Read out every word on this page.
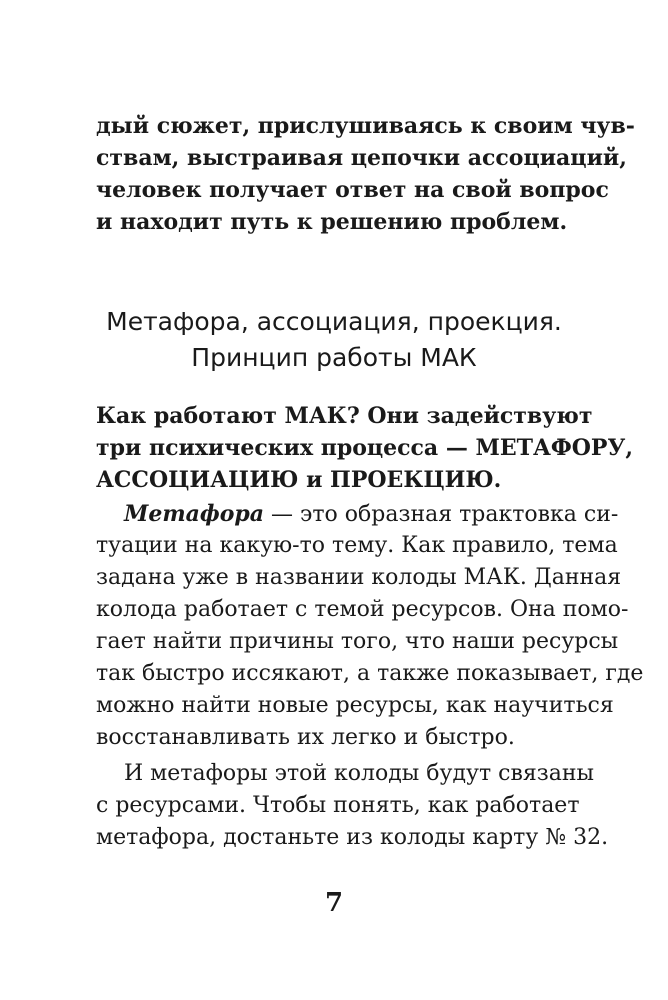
дый сюжет, прислушиваясь к своим чув-
ствам, выстраивая цепочки ассоциаций,
человек получает ответ на свой вопрос
и находит путь к решению проблем.
Метафора, ассоциация, проекция.
Принцип работы МАК
Как работают МАК? Они задействуют
три психических процесса — МЕТАФОРУ,
АССОЦИАЦИЮ и ПРОЕКЦИЮ.
Метафора — это образная трактовка си-
туации на какую-то тему. Как правило, тема
задана уже в названии колоды МАК. Данная
колода работает с темой ресурсов. Она помо-
гает найти причины того, что наши ресурсы
так быстро иссякают, а также показывает, где
можно найти новые ресурсы, как научиться
восстанавливать их легко и быстро.
И метафоры этой колоды будут связаны
с ресурсами. Чтобы понять, как работает
метафора, достаньте из колоды карту № 32.
7
